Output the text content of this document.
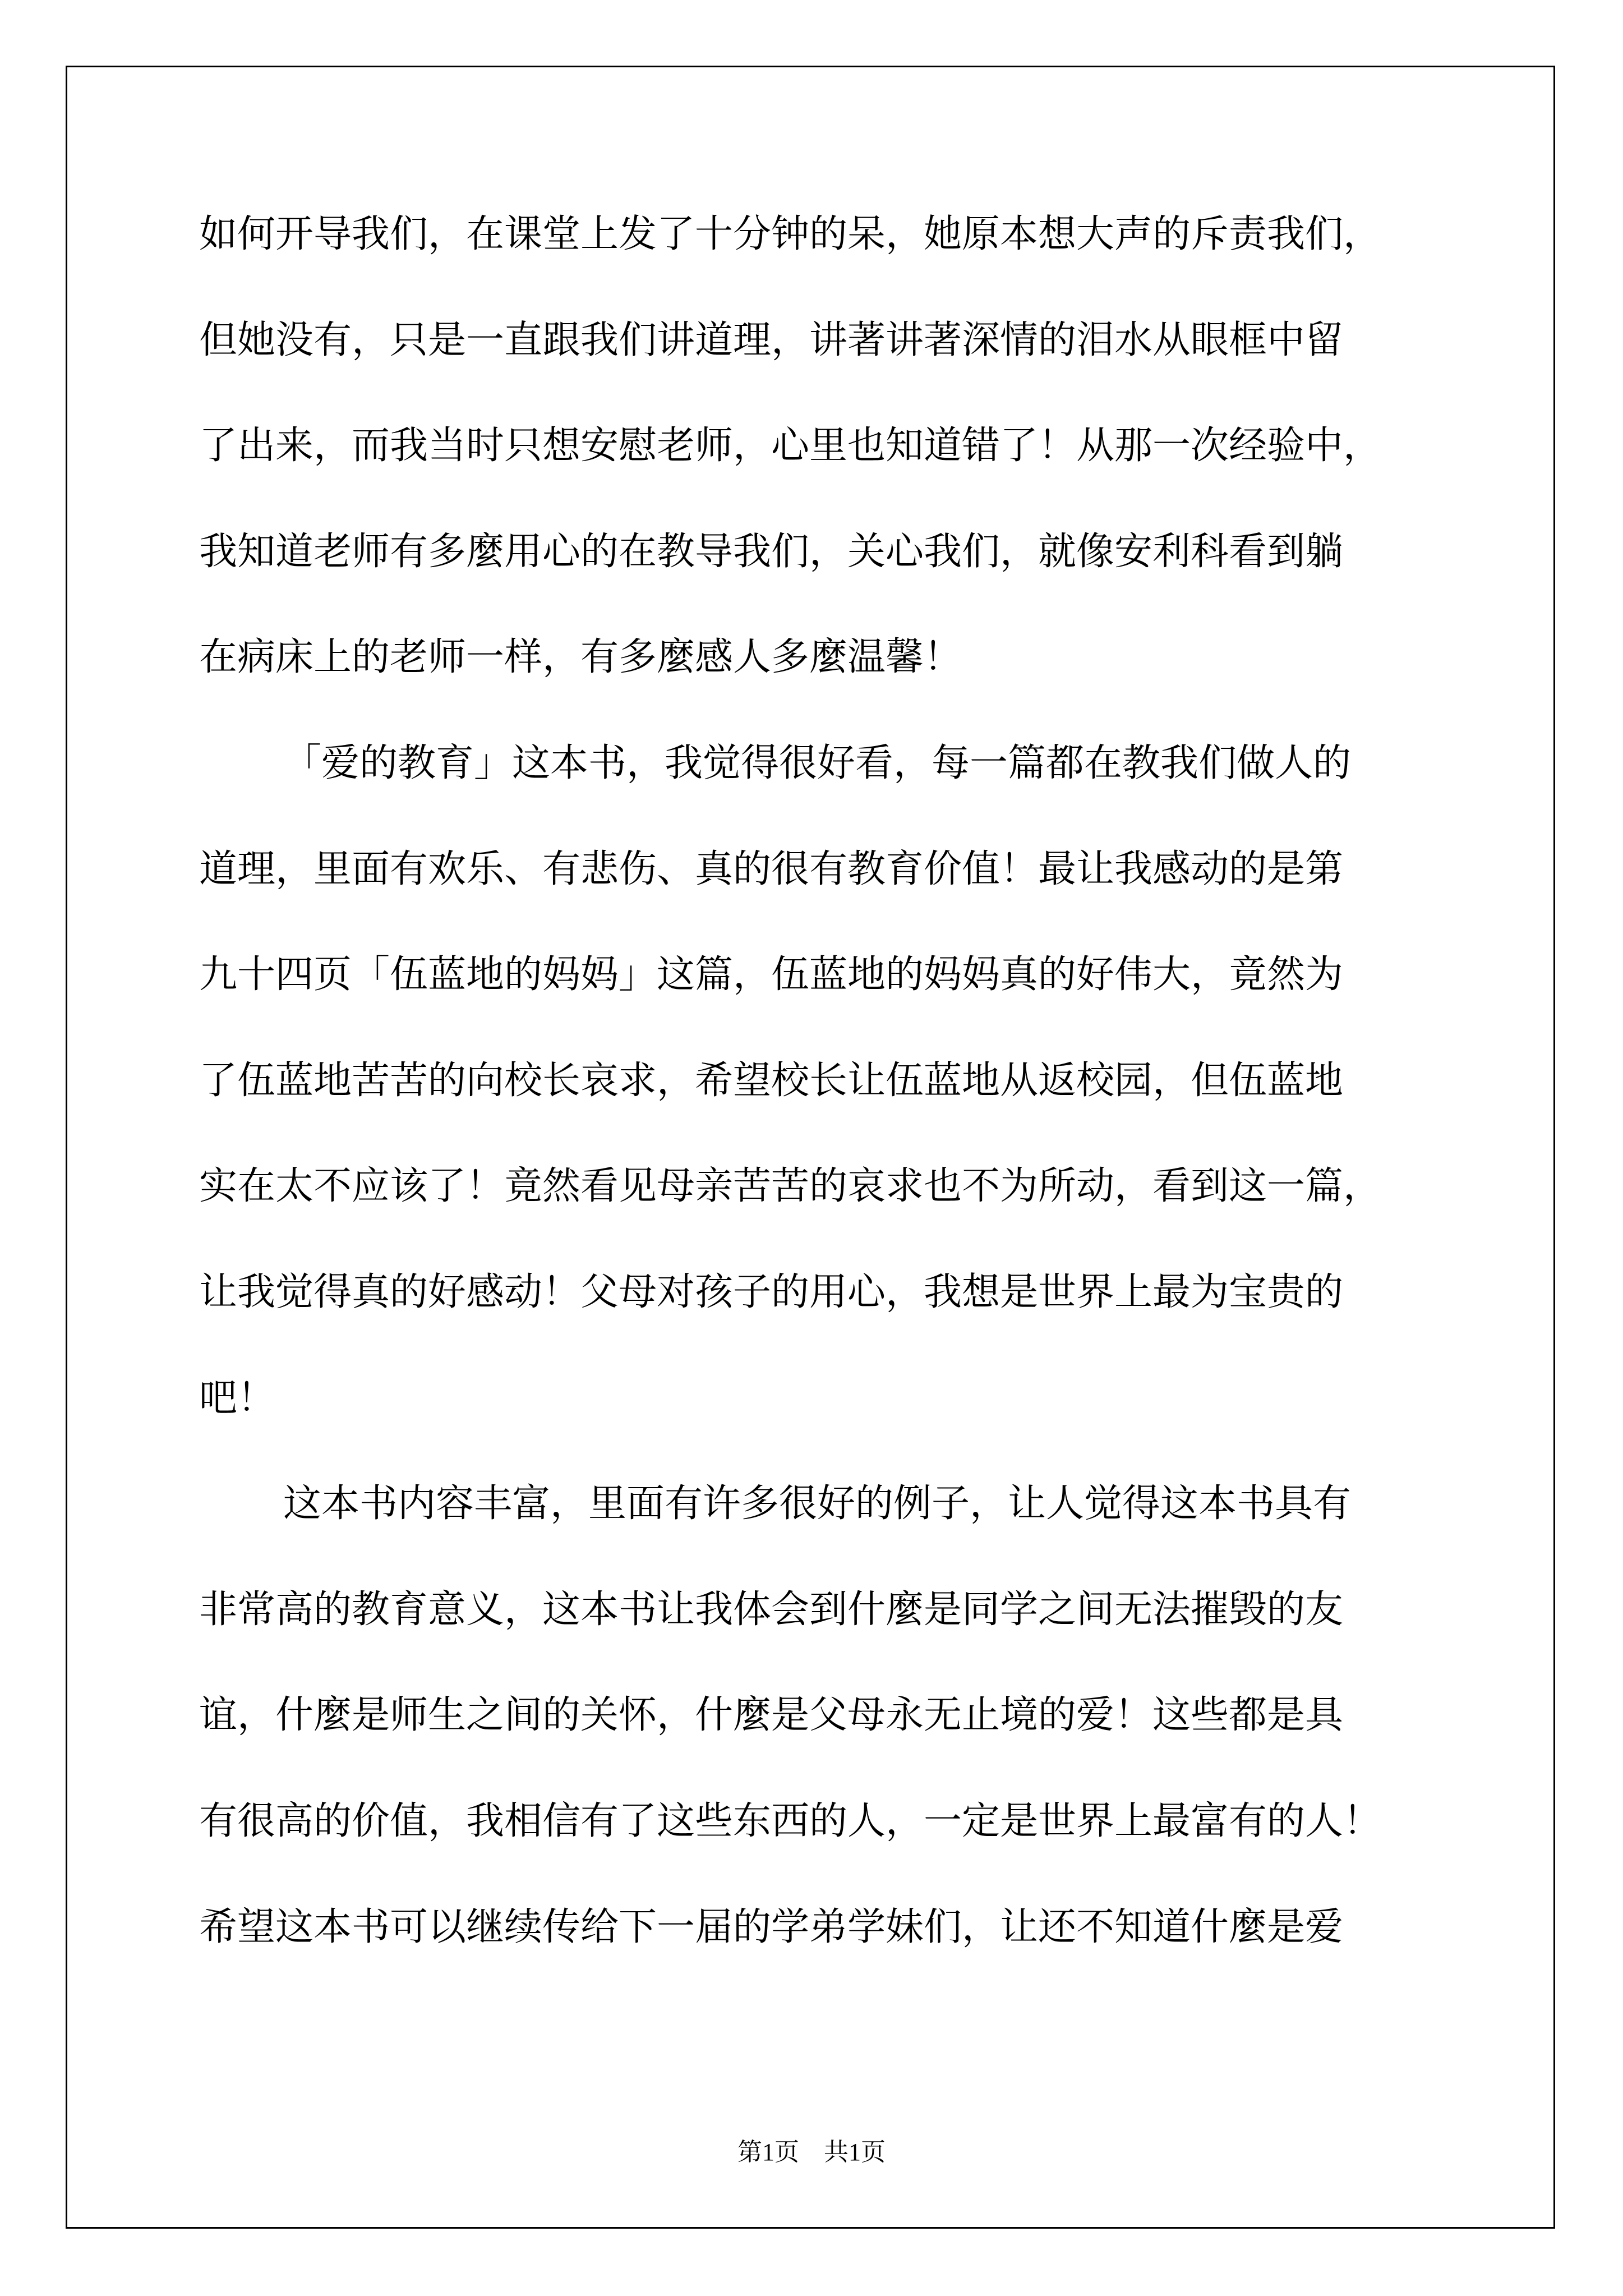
如何开导我们，在课堂上发了十分钟的呆，她原本想大声的斥责我们，
但她没有，只是一直跟我们讲道理，讲著讲著深情的泪水从眼框中留
了出来，而我当时只想安慰老师，心里也知道错了！从那一次经验中，
我知道老师有多麼用心的在教导我们，关心我们，就像安利科看到躺
在病床上的老师一样，有多麼感人多麼温馨！
「爱的教育」这本书，我觉得很好看，每一篇都在教我们做人的
道理，里面有欢乐、有悲伤、真的很有教育价值！最让我感动的是第
九十四页「伍蓝地的妈妈」这篇，伍蓝地的妈妈真的好伟大，竟然为
了伍蓝地苦苦的向校长哀求，希望校长让伍蓝地从返校园，但伍蓝地
实在太不应该了！竟然看见母亲苦苦的哀求也不为所动，看到这一篇，
让我觉得真的好感动！父母对孩子的用心，我想是世界上最为宝贵的
吧！
这本书内容丰富，里面有许多很好的例子，让人觉得这本书具有
非常高的教育意义，这本书让我体会到什麼是同学之间无法摧毁的友
谊，什麼是师生之间的关怀，什麼是父母永无止境的爱！这些都是具
有很高的价值，我相信有了这些东西的人，一定是世界上最富有的人！
希望这本书可以继续传给下一届的学弟学妹们，让还不知道什麼是爱
第1页    共1页
